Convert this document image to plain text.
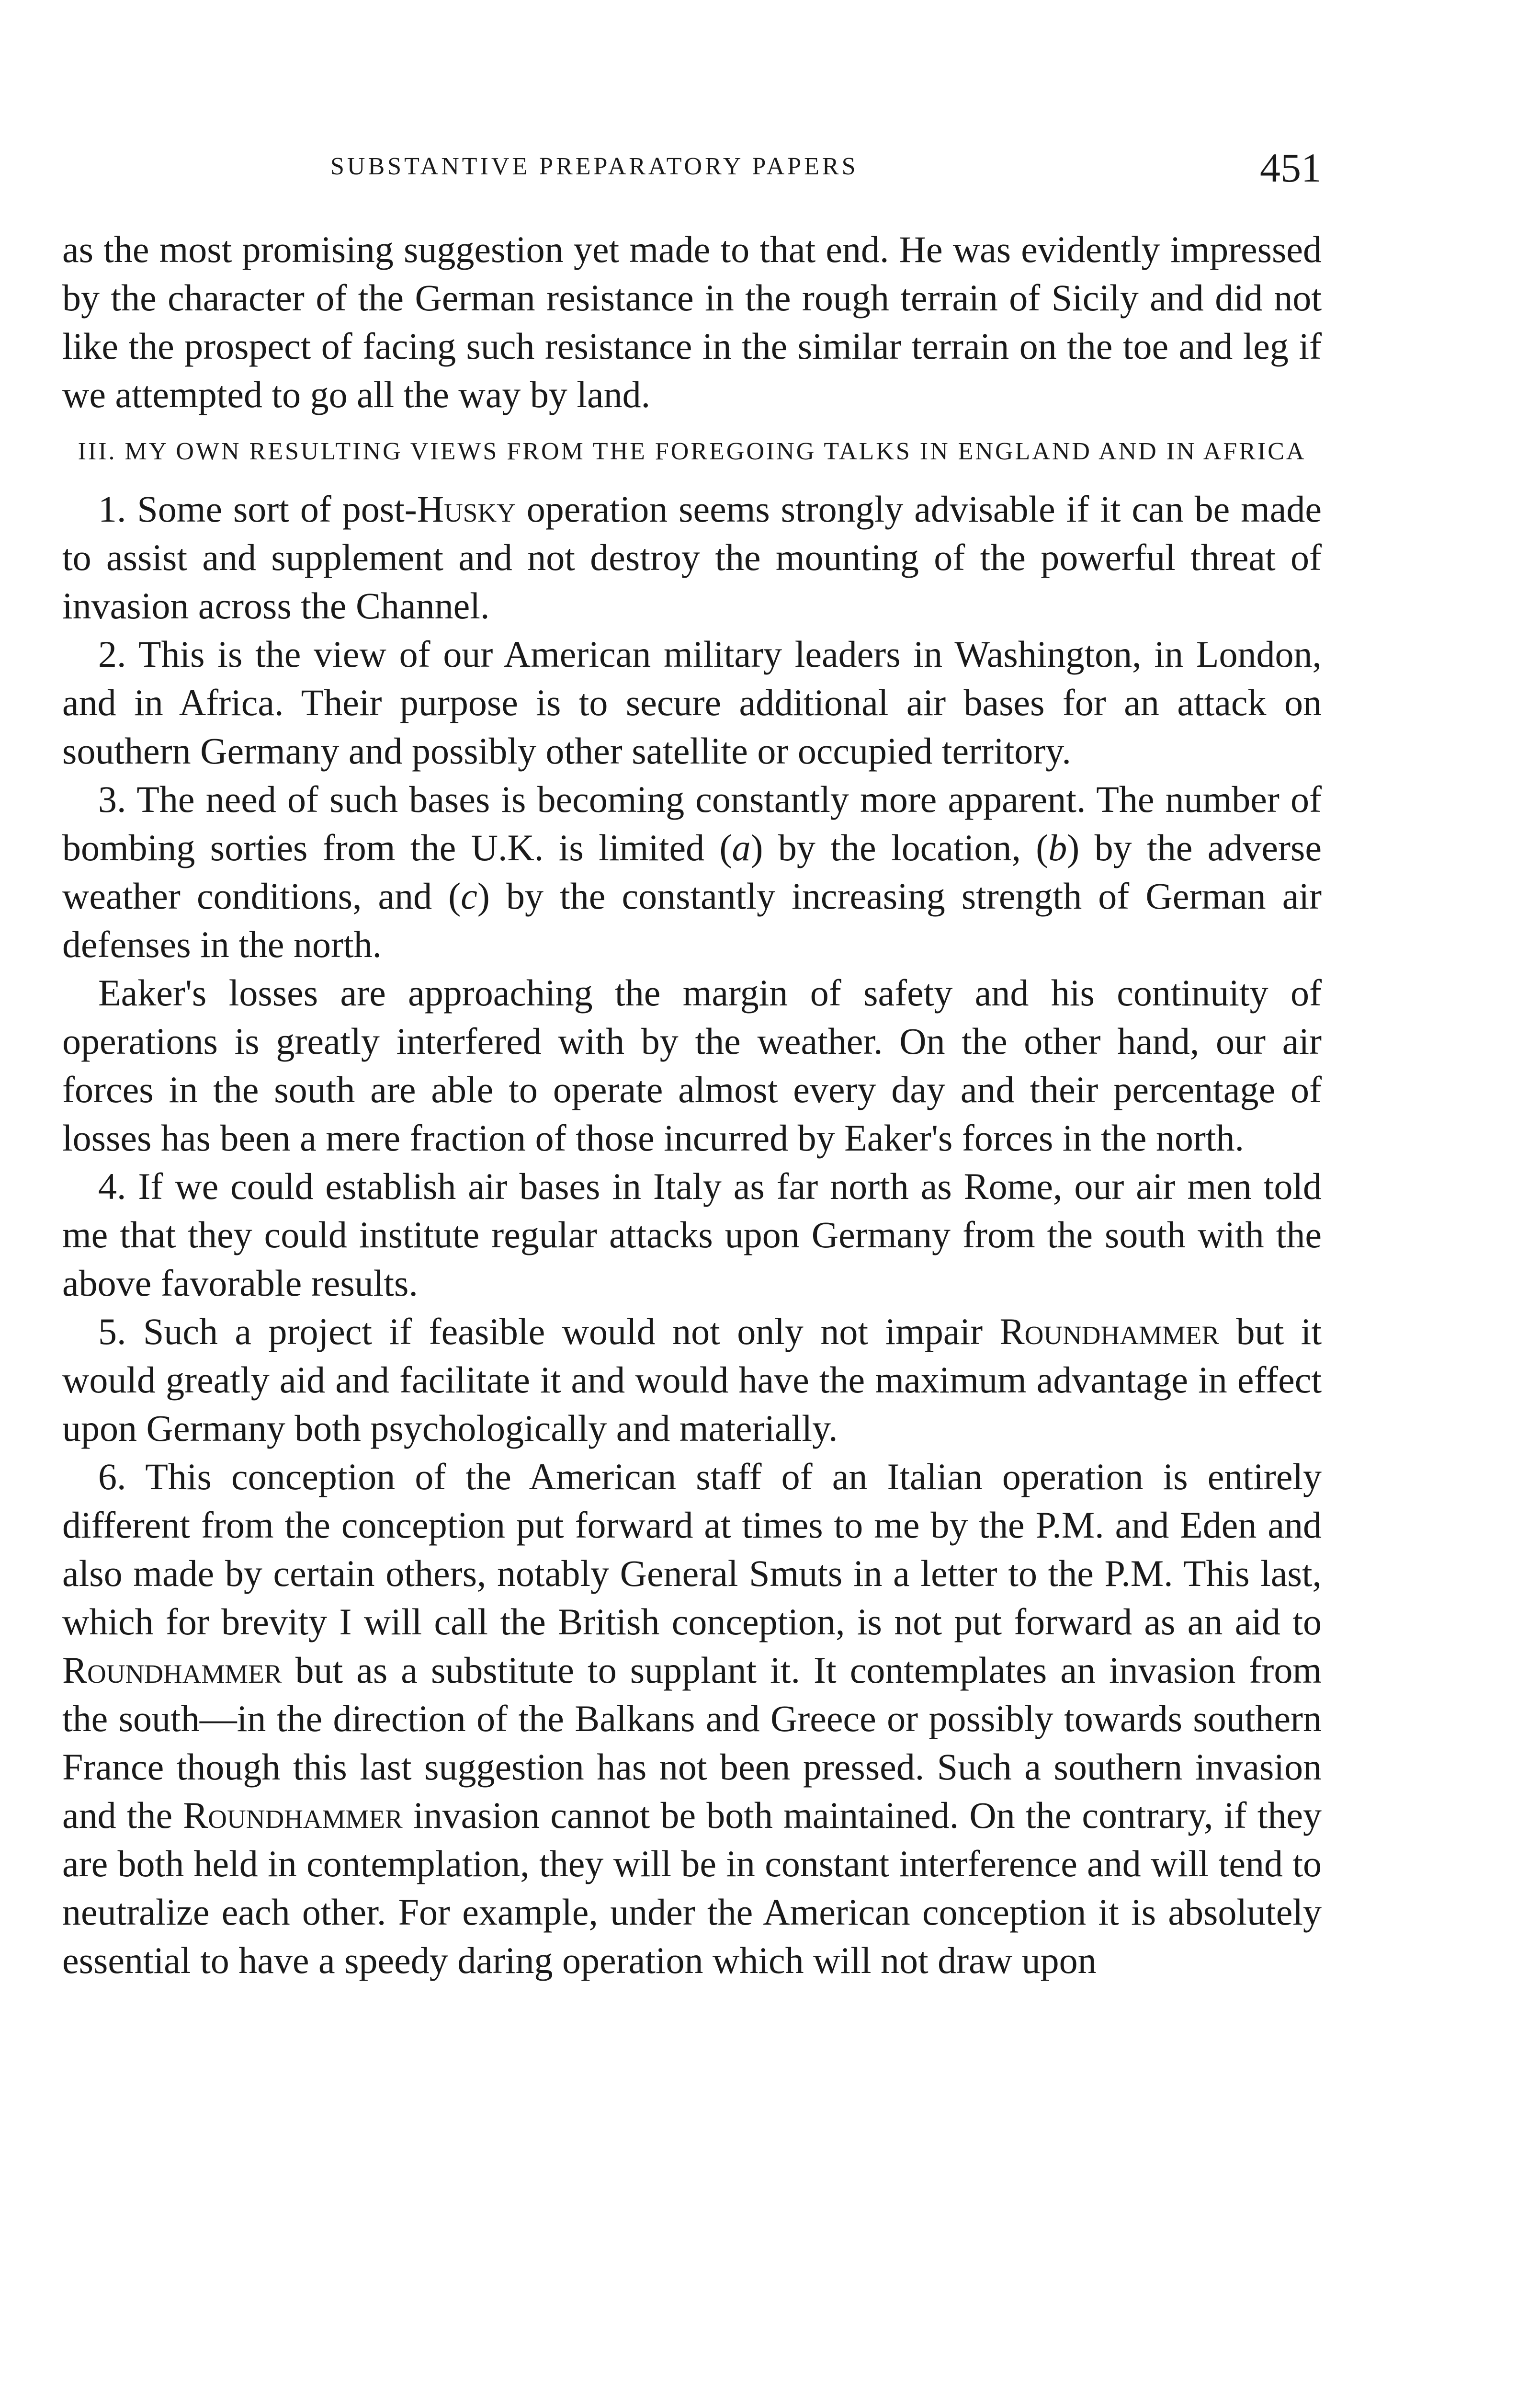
SUBSTANTIVE PREPARATORY PAPERS	451

as the most promising suggestion yet made to that end. He was evidently impressed by the character of the German resistance in the rough terrain of Sicily and did not like the prospect of facing such resistance in the similar terrain on the toe and leg if we attempted to go all the way by land.

III. MY OWN RESULTING VIEWS FROM THE FOREGOING TALKS IN ENGLAND AND IN AFRICA

1. Some sort of post-Husky operation seems strongly advisable if it can be made to assist and supplement and not destroy the mounting of the powerful threat of invasion across the Channel.

2. This is the view of our American military leaders in Washington, in London, and in Africa. Their purpose is to secure additional air bases for an attack on southern Germany and possibly other satellite or occupied territory.

3. The need of such bases is becoming constantly more apparent. The number of bombing sorties from the U.K. is limited (a) by the location, (b) by the adverse weather conditions, and (c) by the constantly increasing strength of German air defenses in the north.

Eaker's losses are approaching the margin of safety and his continuity of operations is greatly interfered with by the weather. On the other hand, our air forces in the south are able to operate almost every day and their percentage of losses has been a mere fraction of those incurred by Eaker's forces in the north.

4. If we could establish air bases in Italy as far north as Rome, our air men told me that they could institute regular attacks upon Germany from the south with the above favorable results.

5. Such a project if feasible would not only not impair Roundhammer but it would greatly aid and facilitate it and would have the maximum advantage in effect upon Germany both psychologically and materially.

6. This conception of the American staff of an Italian operation is entirely different from the conception put forward at times to me by the P.M. and Eden and also made by certain others, notably General Smuts in a letter to the P.M. This last, which for brevity I will call the British conception, is not put forward as an aid to Roundhammer but as a substitute to supplant it. It contemplates an invasion from the south—in the direction of the Balkans and Greece or possibly towards southern France though this last suggestion has not been pressed. Such a southern invasion and the Roundhammer invasion cannot be both maintained. On the contrary, if they are both held in contemplation, they will be in constant interference and will tend to neutralize each other. For example, under the American conception it is absolutely essential to have a speedy daring operation which will not draw upon
